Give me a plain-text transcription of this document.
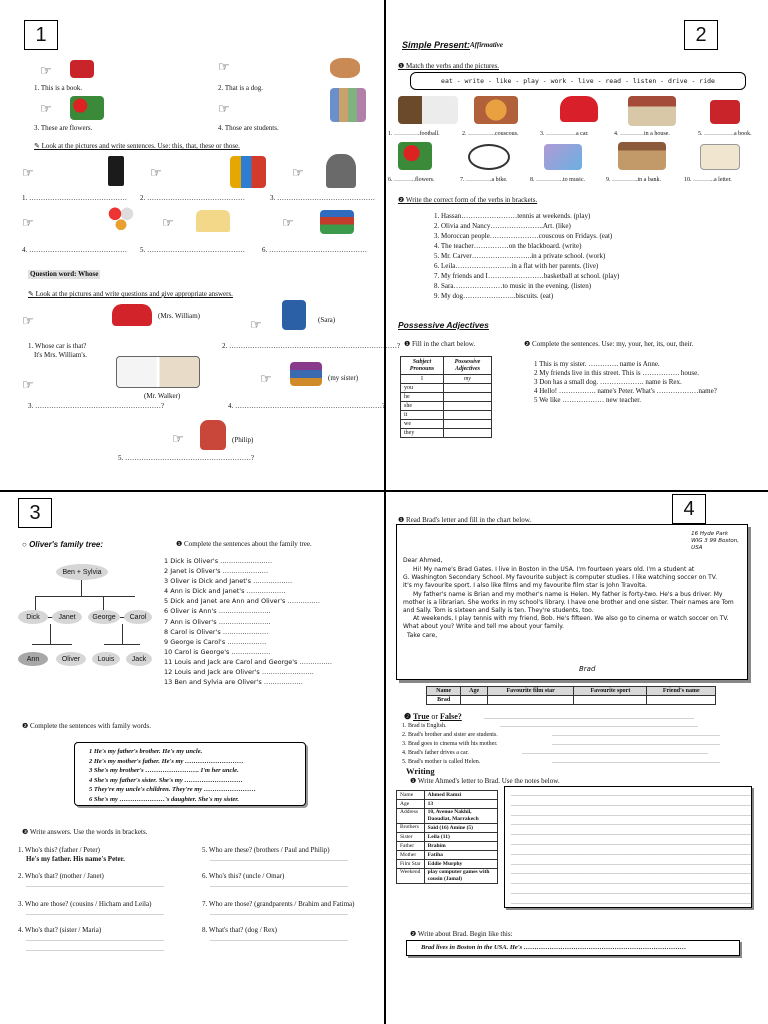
1
☞	☞
1. This is a book.	2. That is a dog.
☞	☞
3. These are flowers.	4. Those are students.
✎ Look at the pictures and write sentences. Use: this, that, these or those.
☞	☞	☞
1. …………………………………… 2. ……………………………………	3. ……………………………………
☞	☞	☞
4. …………………………………… 5. …………………………………… 6. ……………………………………
Question word: Whose
✎ Look at the pictures and write questions and give appropriate answers.
☞	(Mrs. William)
☞	(Sara)
1. Whose car is that?
It's Mrs. William's.
2. ………………………………………………………………?
☞
(Mr. Walker)
☞	(my sister)
3. ………………………………………………?	4. ………………………………………………………?
☞	(Philip)
5. ………………………………………………?
2
Simple Present: Affirmative
❶ Match the verbs and the pictures.
eat - write - like - play - work - live - read - listen - drive - ride
1. ………….football.	2. …………..couscous.	3. ……………a car.	4. …………in a house.	5. ……………a book.
6. ………..flowers.	7. ………….a bike.	8. …………..to music.	9. ………….in a bank.	10. ………..a letter.
❷ Write the correct form of the verbs in brackets.
1. Hassan……………………tennis at weekends. (play)
2. Olivia and Nancy…………………..Art. (like)
3. Moroccan people…………………couscous on Fridays. (eat)
4. The teacher……………on the blackboard. (write)
5. Mr. Carver……………………..in a private school. (work)
6. Leila……………………in a flat with her parents. (live)
7. My friends and I……………………basketball at school. (play)
8. Sara…………………to music in the evening. (listen)
9. My dog…………………..biscuits. (eat)
Possessive Adjectives
❶ Fill in the chart below.	❷ Complete the sentences. Use: my, your, her, its, our, their.
Subject Pronouns	Possessive Adjectives
I	my
you	
he	
she	
it	
we	
they	
1 This is my sister. …………. name is Anne.
2 My friends live in this street. This is ……………. house.
3 Don has a small dog. ………………. name is Rex.
4 Hello! ……………. name's Peter. What's ………………name?
5 We like ……………… new teacher.
3
○ Oliver's family tree:
Ben + Sylvia
Dick	Janet	George	Carol
Ann	Oliver	Louis	Jack
❶ Complete the sentences about the family tree.
1 Dick is Oliver's ……………………
2 Janet is Oliver's …………………
3 Oliver is Dick and Janet's ………………
4 Ann is Dick and Janet's ………………
5 Dick and Janet are Ann and Oliver's ……………
6 Oliver is Ann's ……………………
7 Ann is Oliver's ……………………
8 Carol is Oliver's …………………
9 George is Carol's ………………
10 Carol is George's ………………
11 Louis and Jack are Carol and George's ……………
12 Louis and Jack are Oliver's ……………………
13 Ben and Sylvia are Oliver's ………………
❷ Complete the sentences with family words.
1 He's my father's brother. He's my uncle.
2 He's my mother's father. He's my ………………………
3 She's my brother's ……………………. I'm her uncle.
4 She's my father's sister. She's my ………………………
5 They're my uncle's children. They're my ……………………
6 She's my …………………'s daughter. She's my sister.
❸ Write answers. Use the words in brackets.
1. Who's this? (father / Peter)
He's my father. His name's Peter.
2. Who's that? (mother / Janet)
……………………………………………………………
3. Who are those? (cousins / Hicham and Leila)
……………………………………………………………
4. Who's that? (sister / Maria)
……………………………………………………………
……………………………………………………………
5. Who are these? (brothers / Paul and Philip)
……………………………………………………………
6. Who's this? (uncle / Omar)
……………………………………………………………
7. Who are those? (grandparents / Brahim and Fatima)
……………………………………………………………
8. What's that? (dog / Rex)
……………………………………………………………
4
❶ Read Brad's letter and fill in the chart below.
16 Hyde Park
WIG 3 99 Boston,
USA
Dear Ahmed,
Hi! My name's Brad Gates. I live in Boston in the USA. I'm fourteen years old. I'm a student at
G. Washington Secondary School. My favourite subject is computer studies. I like watching soccer on TV.
It's my favourite sport. I also like films and my favourite film star is John Travolta.
My father's name is Brian and my mother's name is Helen. My father is forty-two. He's a bus driver. My
mother is a librarian. She works in my school's library. I have one brother and one sister. Their names are Tom
and Sally. Tom is sixteen and Sally is ten. They're students, too.
At weekends, I play tennis with my friend, Bob. He's fifteen. We also go to cinema or watch soccer on TV.
What about you? Write and tell me about your family.
Take care,
Brad
Name	Age	Favourite film star	Favourite sport	Friend's name
Brad				
❷ True or False?	……………………………………………………………………………………………
1. Brad is English.	………………………………………………………………………………………
2. Brad's brother and sister are students.	…………………………………………………………………………
3. Brad goes to cinema with his mother.	…………………………………………………………………………
4. Brad's father drives a car.	…………………………………………………………………………………
5. Brad's mother is called Helen.	…………………………………………………………………………
Writing
❶ Write Ahmed's letter to Brad. Use the notes below.
Name	Ahmed Ramzi
Age	13
Address	10, Avenue Nakhil, Daoudiat, Marrakech
Brothers	Said (16) Amine (5)
Sister	Leila (11)
Father	Brahim
Mother	Fatiha
Film Star	Eddie Murphy
Weekend	play computer games with cousin (Jamal)
…………………………………………………………………………………………………………
…………………………………………………………………………………………………………
…………………………………………………………………………………………………………
…………………………………………………………………………………………………………
…………………………………………………………………………………………………………
…………………………………………………………………………………………………………
…………………………………………………………………………………………………………
…………………………………………………………………………………………………………
…………………………………………………………………………………………………………
…………………………………………………………………………………………………………
…………………………………………………………………………………………………………
…………………………………………………………………………………………………………
❷ Write about Brad. Begin like this:
Brad lives in Boston in the USA. He's …………………………………………………………………
